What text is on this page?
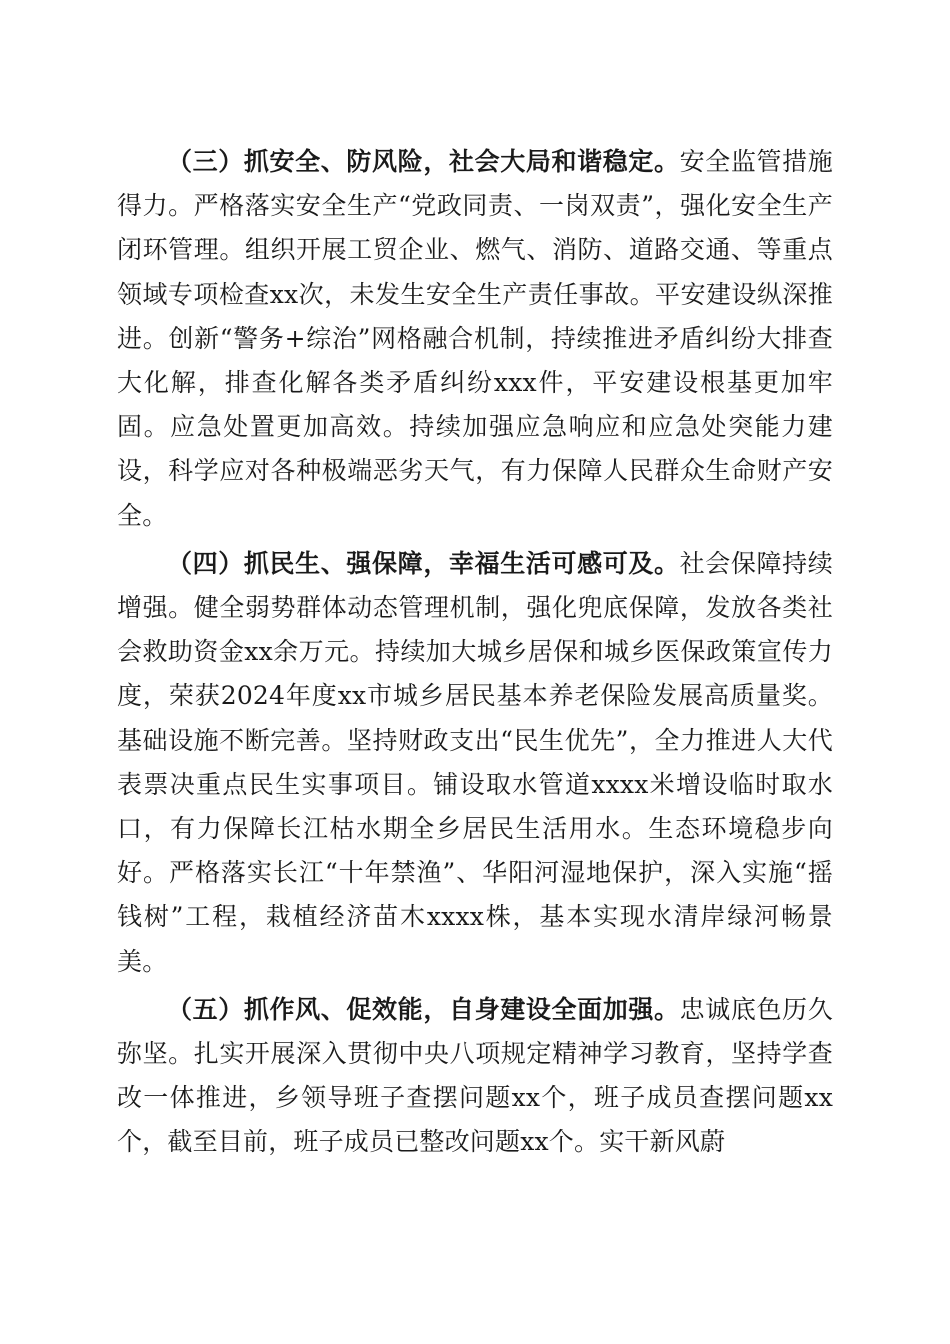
（三）抓安全、防风险，社会大局和谐稳定。安全监管措施得力。严格落实安全生产“党政同责、一岗双责”，强化安全生产闭环管理。组织开展工贸企业、燃气、消防、道路交通、等重点领域专项检查xx次，未发生安全生产责任事故。平安建设纵深推进。创新“警务+综治”网格融合机制，持续推进矛盾纠纷大排查大化解，排查化解各类矛盾纠纷xxx件，平安建设根基更加牢固。应急处置更加高效。持续加强应急响应和应急处突能力建设，科学应对各种极端恶劣天气，有力保障人民群众生命财产安全。

（四）抓民生、强保障，幸福生活可感可及。社会保障持续增强。健全弱势群体动态管理机制，强化兜底保障，发放各类社会救助资金xx余万元。持续加大城乡居保和城乡医保政策宣传力度，荣获2024年度xx市城乡居民基本养老保险发展高质量奖。基础设施不断完善。坚持财政支出“民生优先”，全力推进人大代表票决重点民生实事项目。铺设取水管道xxxx米增设临时取水口，有力保障长江枯水期全乡居民生活用水。生态环境稳步向好。严格落实长江“十年禁渔”、华阳河湿地保护，深入实施“摇钱树”工程，栽植经济苗木xxxx株，基本实现水清岸绿河畅景美。

（五）抓作风、促效能，自身建设全面加强。忠诚底色历久弥坚。扎实开展深入贯彻中央八项规定精神学习教育，坚持学查改一体推进，乡领导班子查摆问题xx个，班子成员查摆问题xx个，截至目前，班子成员已整改问题xx个。实干新风蔚
